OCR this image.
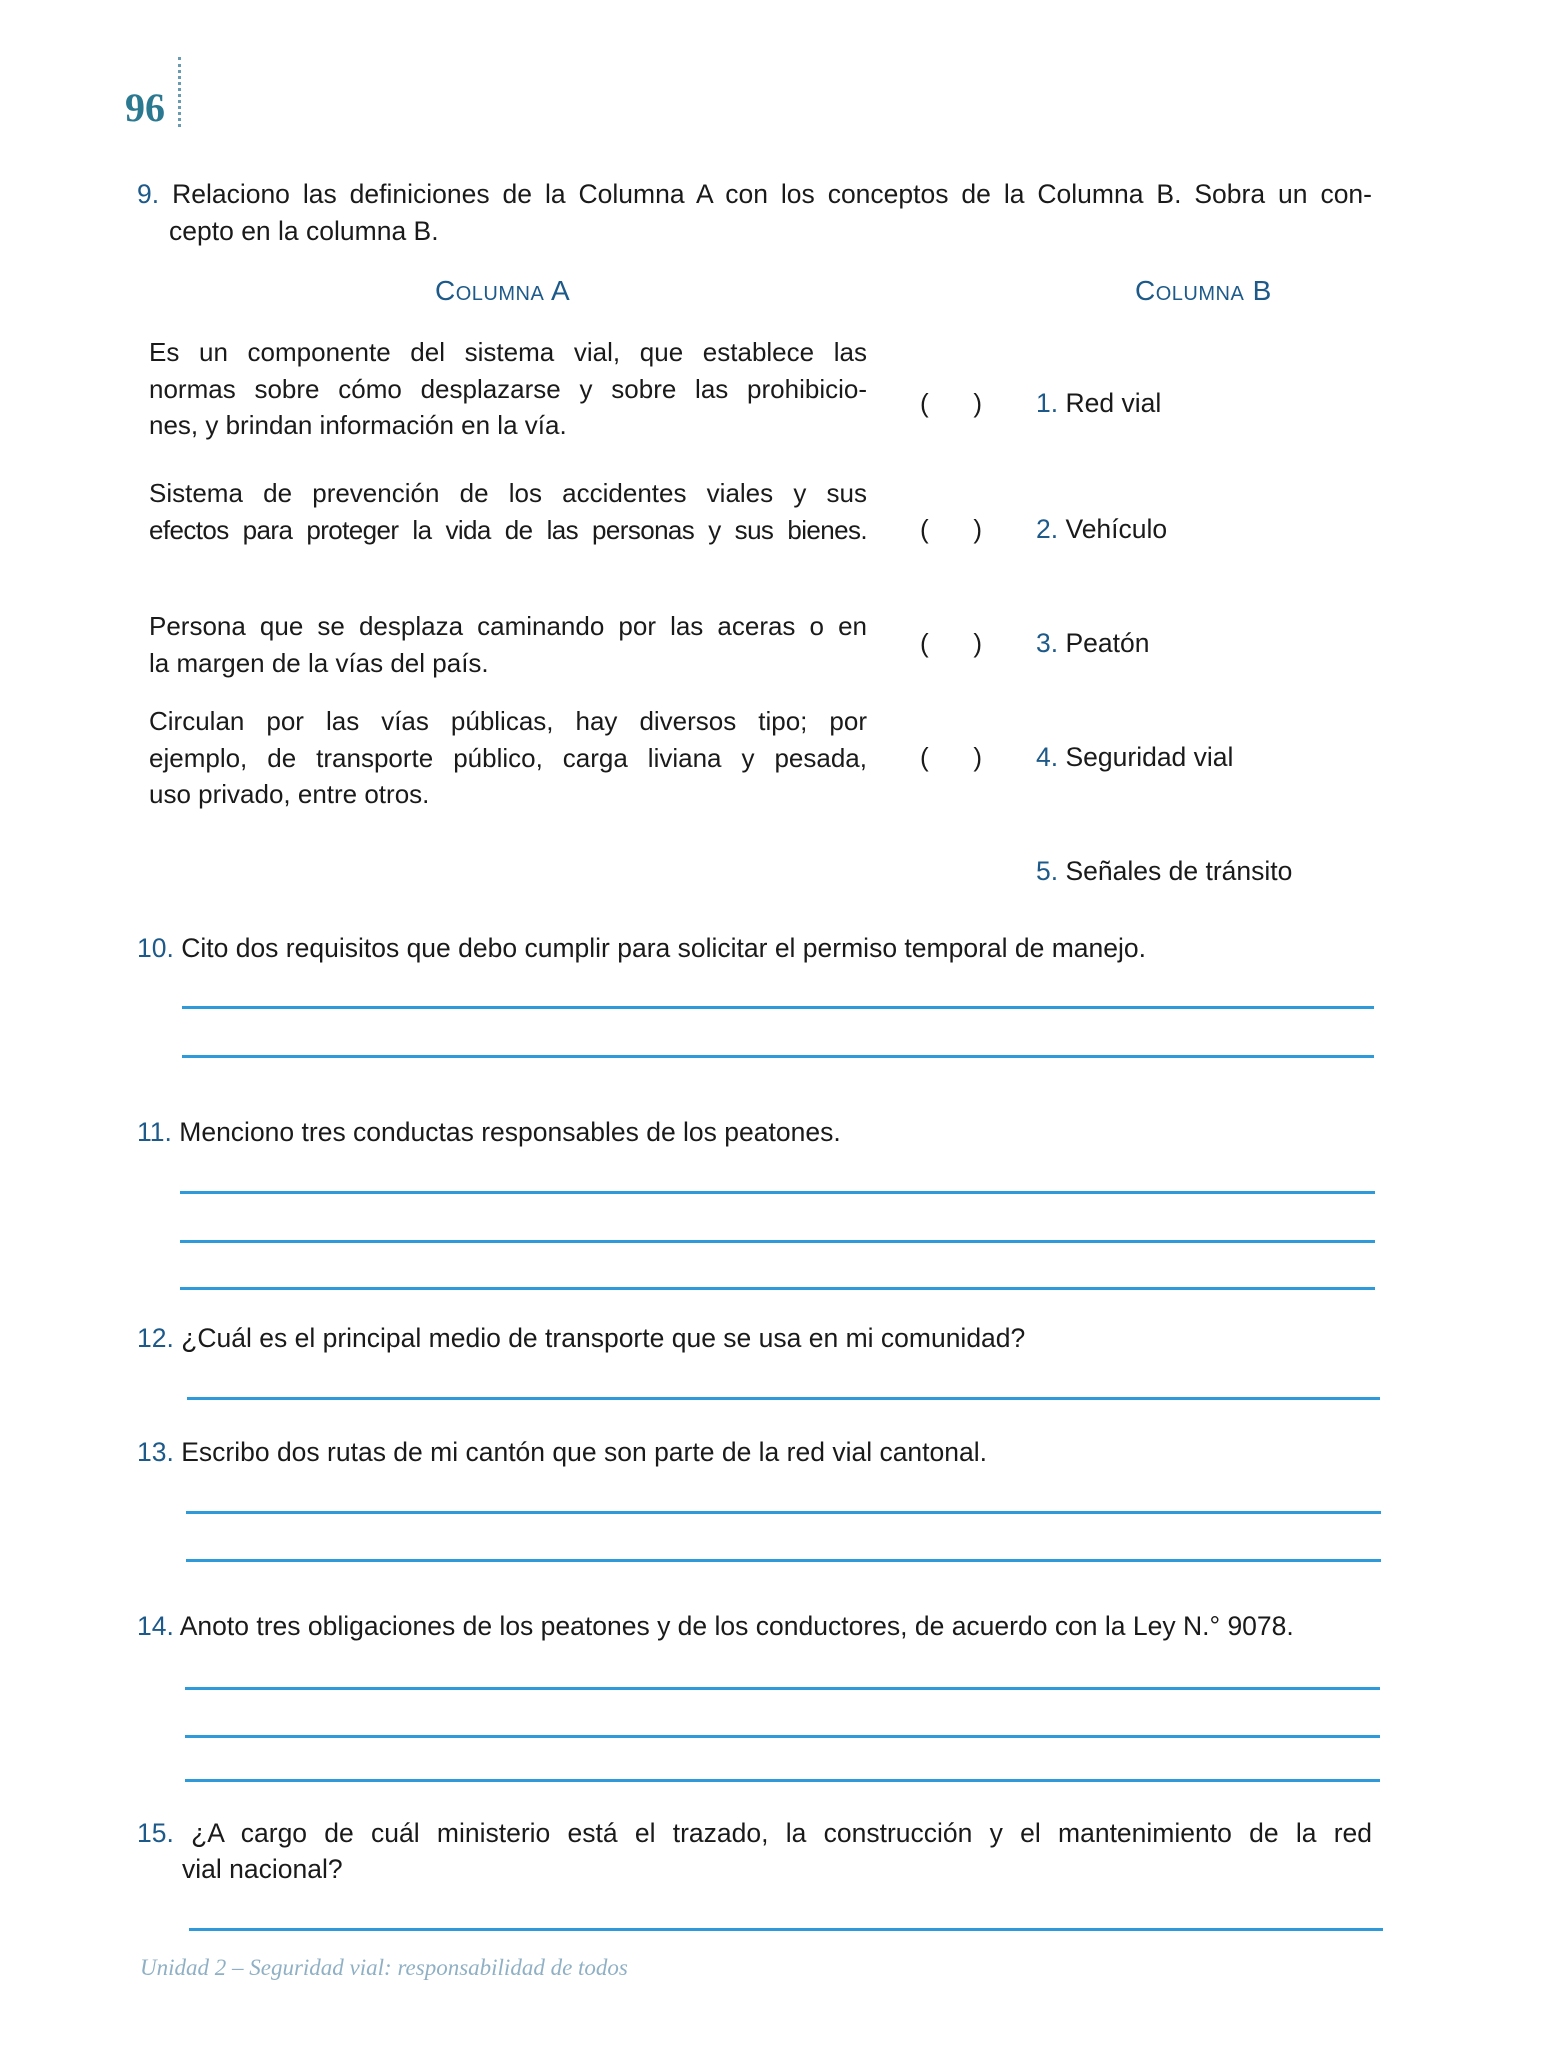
96
9. Relaciono las definiciones de la Columna A con los conceptos de la Columna B. Sobra un con-
cepto en la columna B.
Columna A	Columna B
Es un componente del sistema vial, que establece las
normas sobre cómo desplazarse y sobre las prohibicio-
nes, y brindan información en la vía.
Sistema de prevención de los accidentes viales y sus
efectos para proteger la vida de las personas y sus bienes.
Persona que se desplaza caminando por las aceras o en
la margen de la vías del país.
Circulan por las vías públicas, hay diversos tipo; por
ejemplo, de transporte público, carga liviana y pesada,
uso privado, entre otros.
( )
( )
( )
( )
1. Red vial
2. Vehículo
3. Peatón
4. Seguridad vial
5. Señales de tránsito
10. Cito dos requisitos que debo cumplir para solicitar el permiso temporal de manejo.
11. Menciono tres conductas responsables de los peatones.
12. ¿Cuál es el principal medio de transporte que se usa en mi comunidad?
13. Escribo dos rutas de mi cantón que son parte de la red vial cantonal.
14. Anoto tres obligaciones de los peatones y de los conductores, de acuerdo con la Ley N.° 9078.
15. ¿A cargo de cuál ministerio está el trazado, la construcción y el mantenimiento de la red
vial nacional?
Unidad 2 – Seguridad vial: responsabilidad de todos
